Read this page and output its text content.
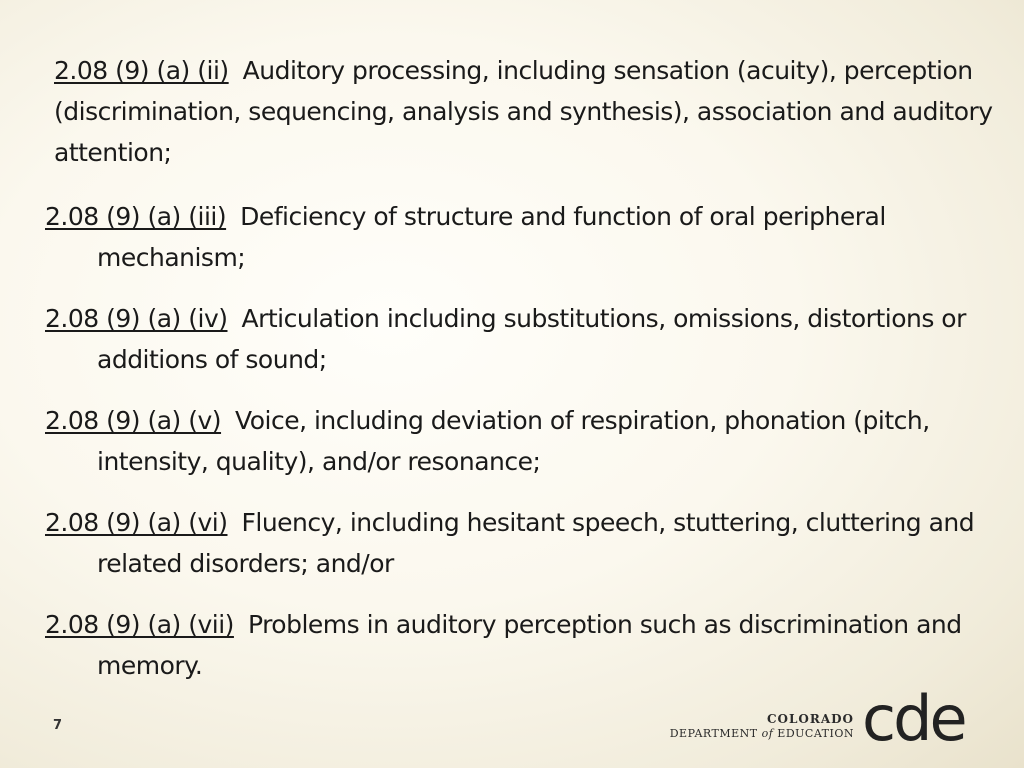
2.08 (9) (a) (ii) Auditory processing, including sensation (acuity), perception (discrimination, sequencing, analysis and synthesis), association and auditory attention;
2.08 (9) (a) (iii) Deficiency of structure and function of oral peripheral mechanism;
2.08 (9) (a) (iv) Articulation including substitutions, omissions, distortions or additions of sound;
2.08 (9) (a) (v) Voice, including deviation of respiration, phonation (pitch, intensity, quality), and/or resonance;
2.08 (9) (a) (vi) Fluency, including hesitant speech, stuttering, cluttering and related disorders; and/or
2.08 (9) (a) (vii) Problems in auditory perception such as discrimination and memory.
7	COLORADO
DEPARTMENT of EDUCATION cde
